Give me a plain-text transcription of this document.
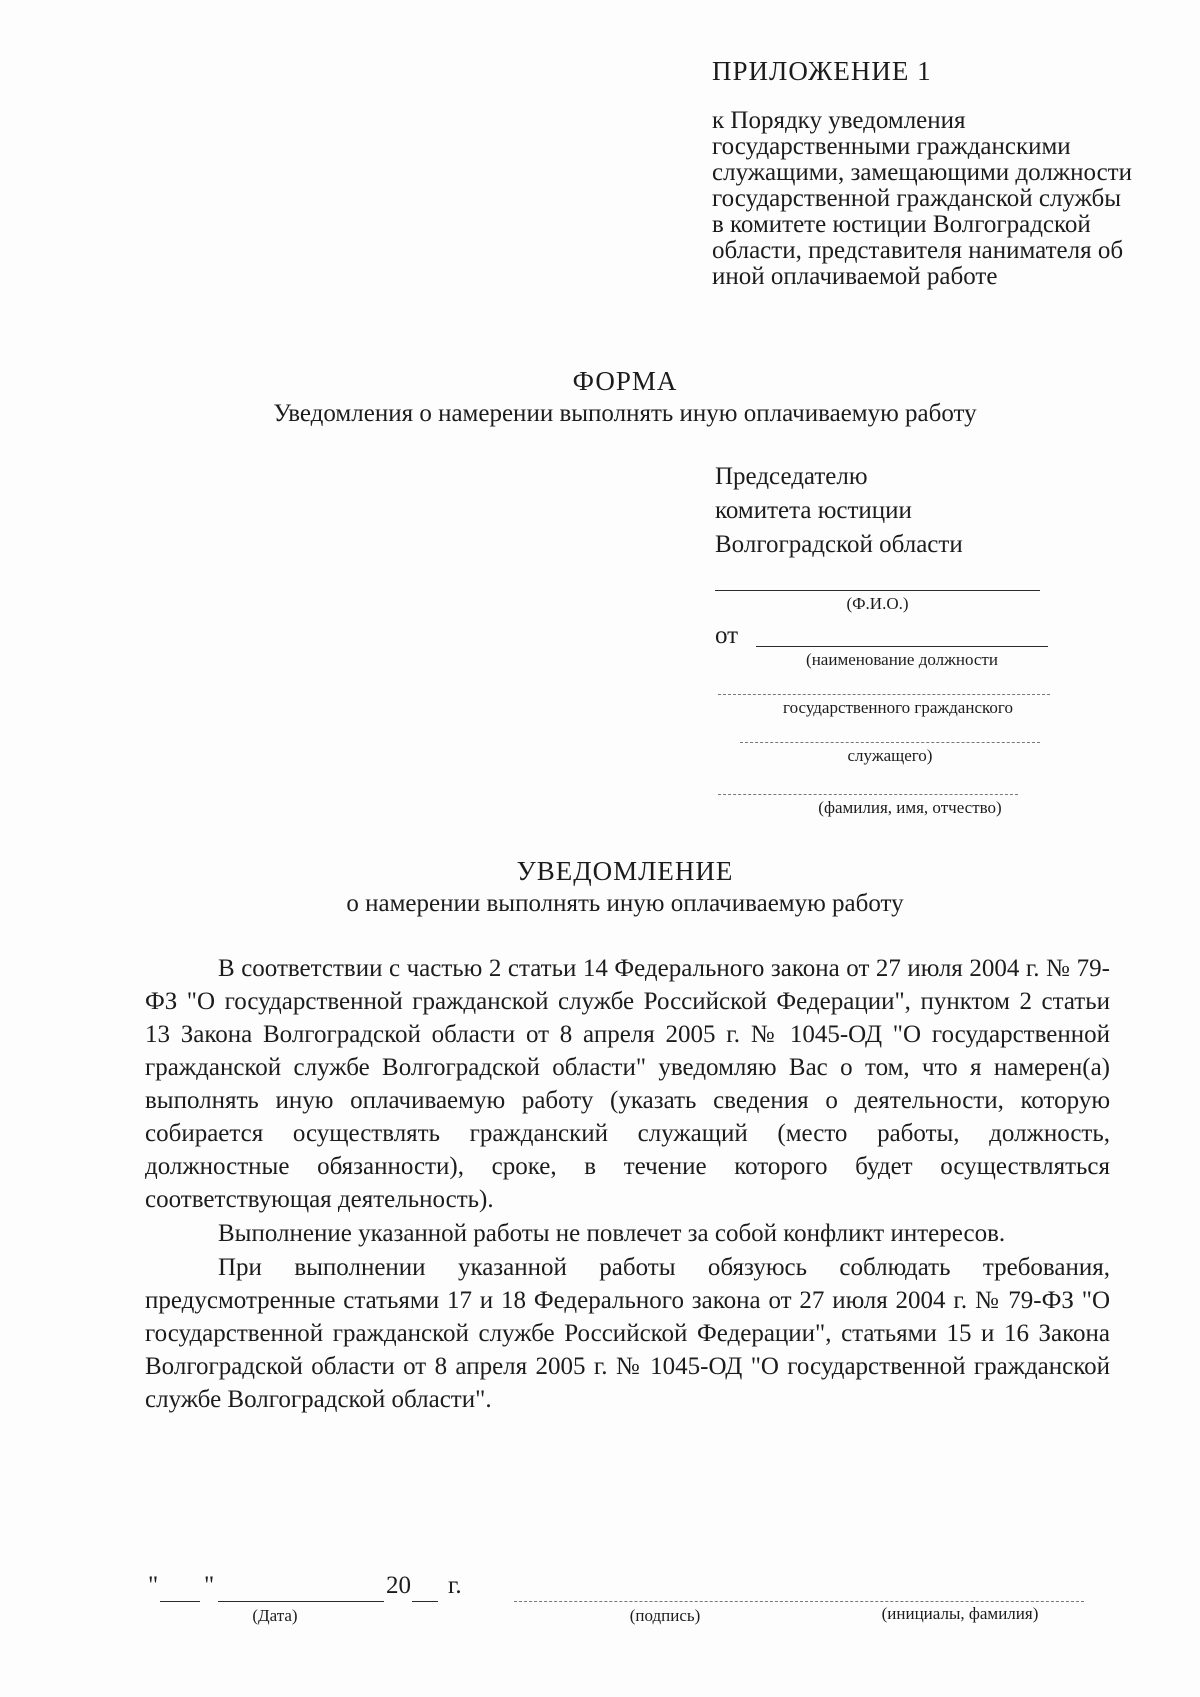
ПРИЛОЖЕНИЕ 1
к Порядку уведомления государственными гражданскими служащими, замещающими должности государственной гражданской службы в комитете юстиции Волгоградской области, представителя нанимателя об иной оплачиваемой работе
ФОРМА
Уведомления о намерении выполнять иную оплачиваемую работу
Председателю
комитета юстиции
Волгоградской области
(Ф.И.О.)
от
(наименование должности
государственного гражданского
служащего)
(фамилия, имя, отчество)
УВЕДОМЛЕНИЕ
о намерении выполнять иную оплачиваемую работу

В соответствии с частью 2 статьи 14 Федерального закона от 27 июля 2004 г. № 79-ФЗ "О государственной гражданской службе Российской Федерации", пунктом 2 статьи 13 Закона Волгоградской области от 8 апреля 2005 г. № 1045-ОД "О государственной гражданской службе Волгоградской области" уведомляю Вас о том, что я намерен(а) выполнять иную оплачиваемую работу (указать сведения о деятельности, которую собирается осуществлять гражданский служащий (место работы, должность, должностные обязанности), сроке, в течение которого будет осуществляться соответствующая деятельность).

Выполнение указанной работы не повлечет за собой конфликт интересов.

При выполнении указанной работы обязуюсь соблюдать требования, предусмотренные статьями 17 и 18 Федерального закона от 27 июля 2004 г. № 79-ФЗ "О государственной гражданской службе Российской Федерации", статьями 15 и 16 Закона Волгоградской области от 8 апреля 2005 г. № 1045-ОД "О государственной гражданской службе Волгоградской области".

" "	20 г.
(Дата)	(подпись)	(инициалы, фамилия)
